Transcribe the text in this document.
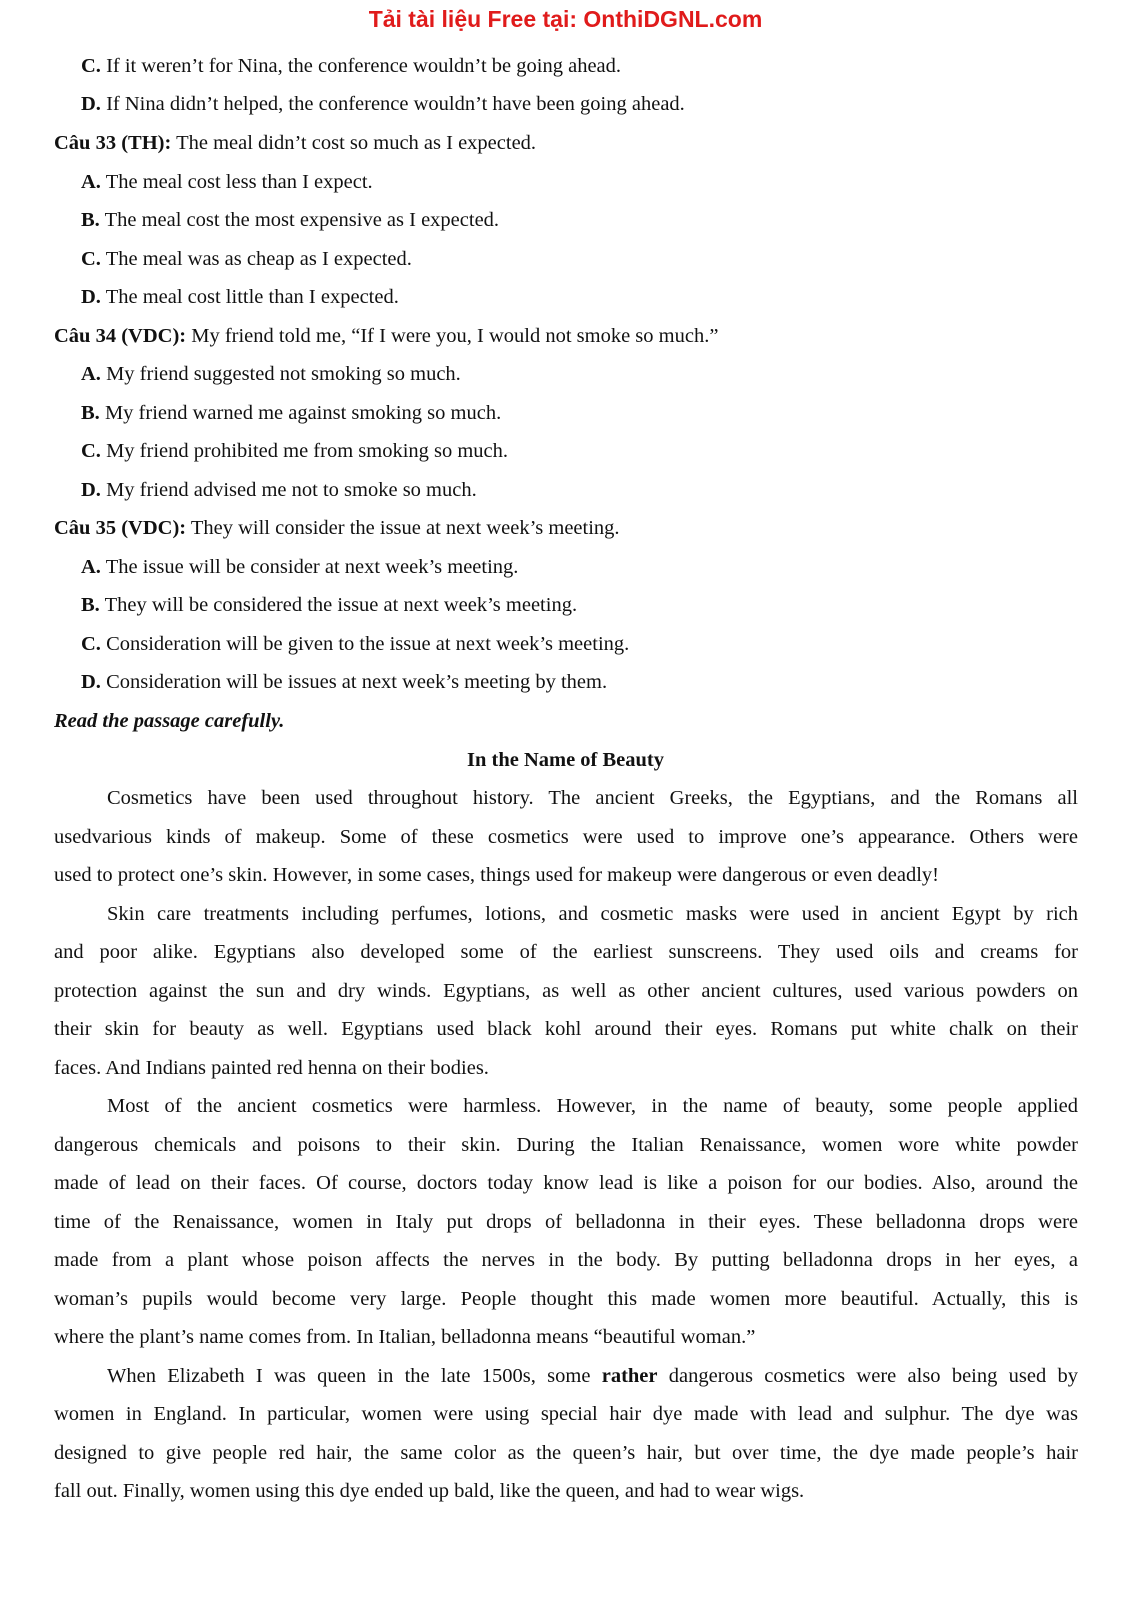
Tải tài liệu Free tại: OnthiDGNL.com
C. If it weren’t for Nina, the conference wouldn’t be going ahead.
D. If Nina didn’t helped, the conference wouldn’t have been going ahead.
Câu 33 (TH): The meal didn’t cost so much as I expected.
A. The meal cost less than I expect.
B. The meal cost the most expensive as I expected.
C. The meal was as cheap as I expected.
D. The meal cost little than I expected.
Câu 34 (VDC): My friend told me, “If I were you, I would not smoke so much.”
A. My friend suggested not smoking so much.
B. My friend warned me against smoking so much.
C. My friend prohibited me from smoking so much.
D. My friend advised me not to smoke so much.
Câu 35 (VDC): They will consider the issue at next week’s meeting.
A. The issue will be consider at next week’s meeting.
B. They will be considered the issue at next week’s meeting.
C. Consideration will be given to the issue at next week’s meeting.
D. Consideration will be issues at next week’s meeting by them.
Read the passage carefully.
In the Name of Beauty
Cosmetics have been used throughout history. The ancient Greeks, the Egyptians, and the Romans all
usedvarious kinds of makeup. Some of these cosmetics were used to improve one’s appearance. Others were
used to protect one’s skin. However, in some cases, things used for makeup were dangerous or even deadly!
Skin care treatments including perfumes, lotions, and cosmetic masks were used in ancient Egypt by rich
and poor alike. Egyptians also developed some of the earliest sunscreens. They used oils and creams for
protection against the sun and dry winds. Egyptians, as well as other ancient cultures, used various powders on
their skin for beauty as well. Egyptians used black kohl around their eyes. Romans put white chalk on their
faces. And Indians painted red henna on their bodies.
Most of the ancient cosmetics were harmless. However, in the name of beauty, some people applied
dangerous chemicals and poisons to their skin. During the Italian Renaissance, women wore white powder
made of lead on their faces. Of course, doctors today know lead is like a poison for our bodies. Also, around the
time of the Renaissance, women in Italy put drops of belladonna in their eyes. These belladonna drops were
made from a plant whose poison affects the nerves in the body. By putting belladonna drops in her eyes, a
woman’s pupils would become very large. People thought this made women more beautiful. Actually, this is
where the plant’s name comes from. In Italian, belladonna means “beautiful woman.”
When Elizabeth I was queen in the late 1500s, some rather dangerous cosmetics were also being used by
women in England. In particular, women were using special hair dye made with lead and sulphur. The dye was
designed to give people red hair, the same color as the queen’s hair, but over time, the dye made people’s hair
fall out. Finally, women using this dye ended up bald, like the queen, and had to wear wigs.
